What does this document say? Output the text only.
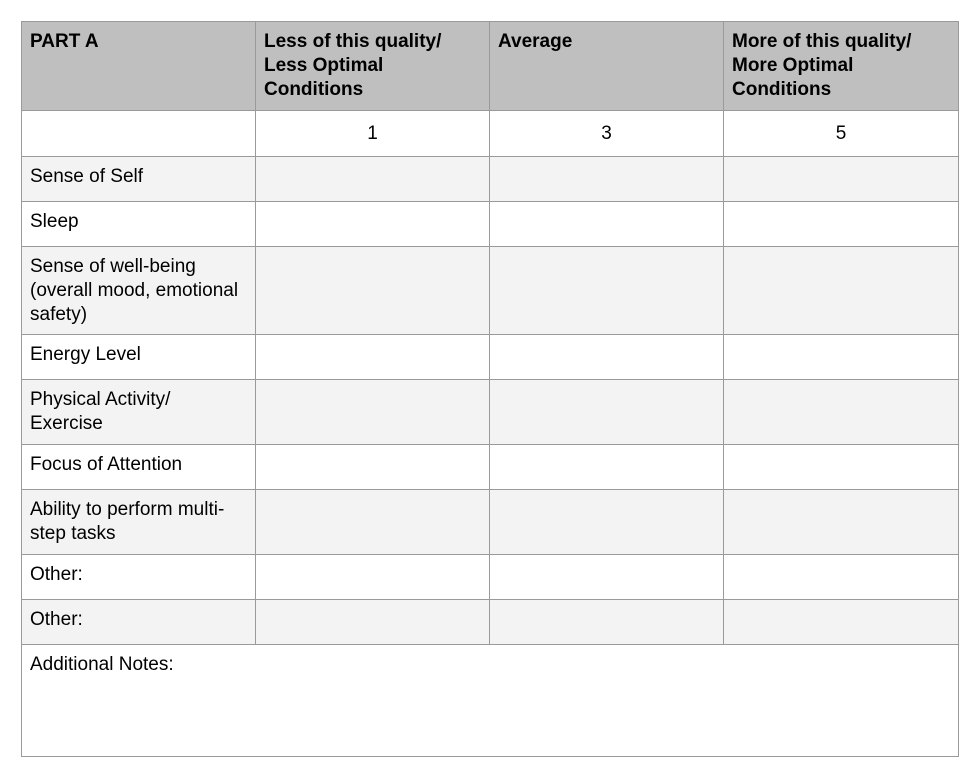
PART A	Less of this quality/ Less Optimal Conditions	Average	More of this quality/ More Optimal Conditions
	1	3	5
Sense of Self			
Sleep			
Sense of well-being (overall mood, emotional safety)			
Energy Level			
Physical Activity/ Exercise			
Focus of Attention			
Ability to perform multi-step tasks			
Other:			
Other:			
Additional Notes:			
